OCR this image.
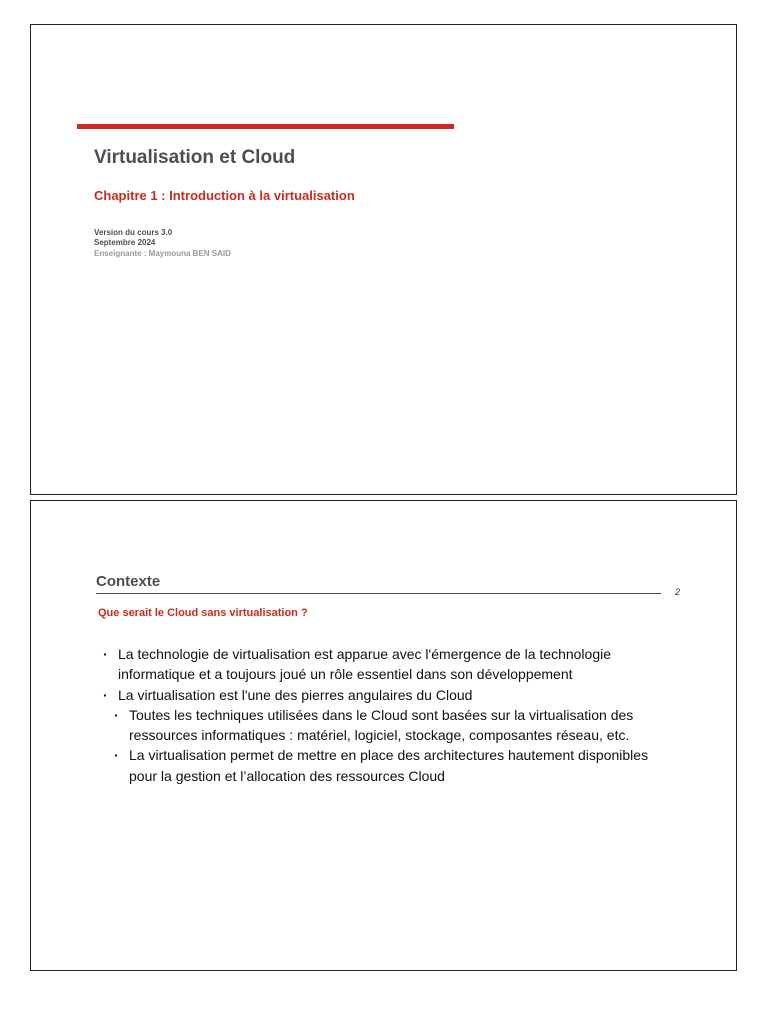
Virtualisation et Cloud
Chapitre 1 : Introduction à la virtualisation
Version du cours 3.0
Septembre 2024
Enseignante : Maymouna BEN SAID
Contexte
2
Que serait le Cloud sans virtualisation ?
· La technologie de virtualisation est apparue avec l'émergence de la technologie informatique et a toujours joué un rôle essentiel dans son développement
· La virtualisation est l'une des pierres angulaires du Cloud
· Toutes les techniques utilisées dans le Cloud sont basées sur la virtualisation des ressources informatiques : matériel, logiciel, stockage, composantes réseau, etc.
· La virtualisation permet de mettre en place des architectures hautement disponibles pour la gestion et l’allocation des ressources Cloud
